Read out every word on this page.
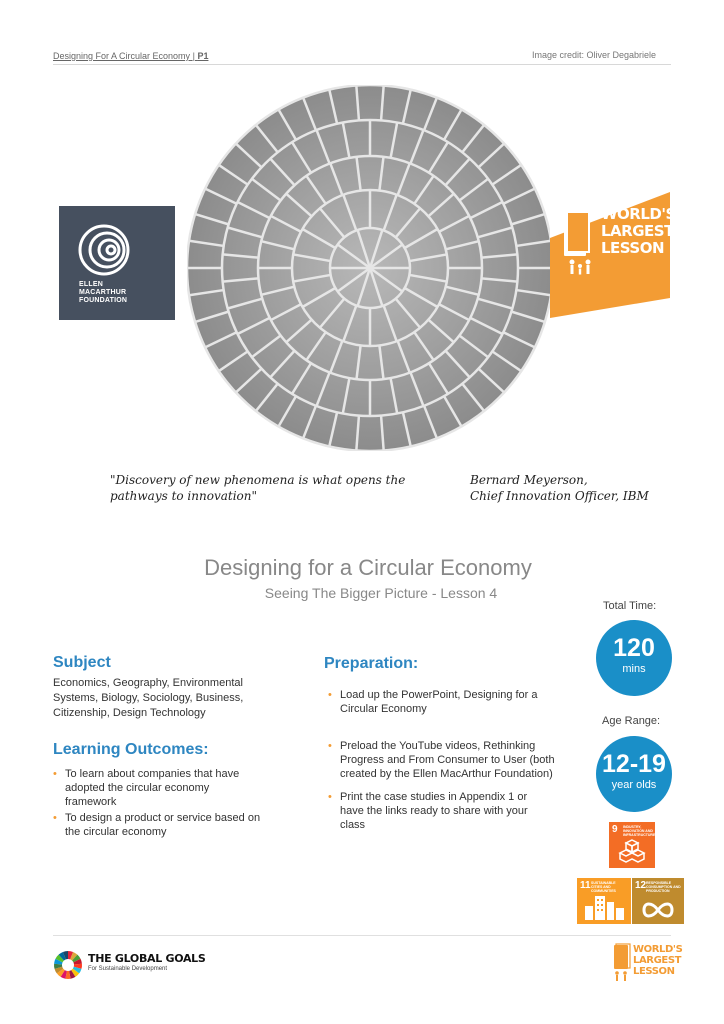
Designing For A Circular Economy | P1	Image credit: Oliver Degabriele
ELLEN
MACARTHUR
FOUNDATION
WORLD'S
LARGEST
LESSON
"Discovery of new phenomena is what opens the
pathways to innovation"
Bernard Meyerson,
Chief Innovation Officer, IBM
Designing for a Circular Economy
Seeing The Bigger Picture - Lesson 4
Subject
Economics, Geography, Environmental
Systems, Biology, Sociology, Business,
Citizenship, Design Technology
Learning Outcomes:
• To learn about companies that have
adopted the circular economy
framework
• To design a product or service based on
the circular economy
Preparation:
• Load up the PowerPoint, Designing for a
Circular Economy
• Preload the YouTube videos, Rethinking
Progress and From Consumer to User (both
created by the Ellen MacArthur Foundation)
• Print the case studies in Appendix 1 or
have the links ready to share with your
class
Total Time:
120
mins
Age Range:
12-19
year olds
9 INDUSTRY, INNOVATION AND INFRASTRUCTURE
11 SUSTAINABLE CITIES AND COMMUNITIES	12 RESPONSIBLE CONSUMPTION AND PRODUCTION
THE GLOBAL GOALS
For Sustainable Development
WORLD'S
LARGEST
LESSON
